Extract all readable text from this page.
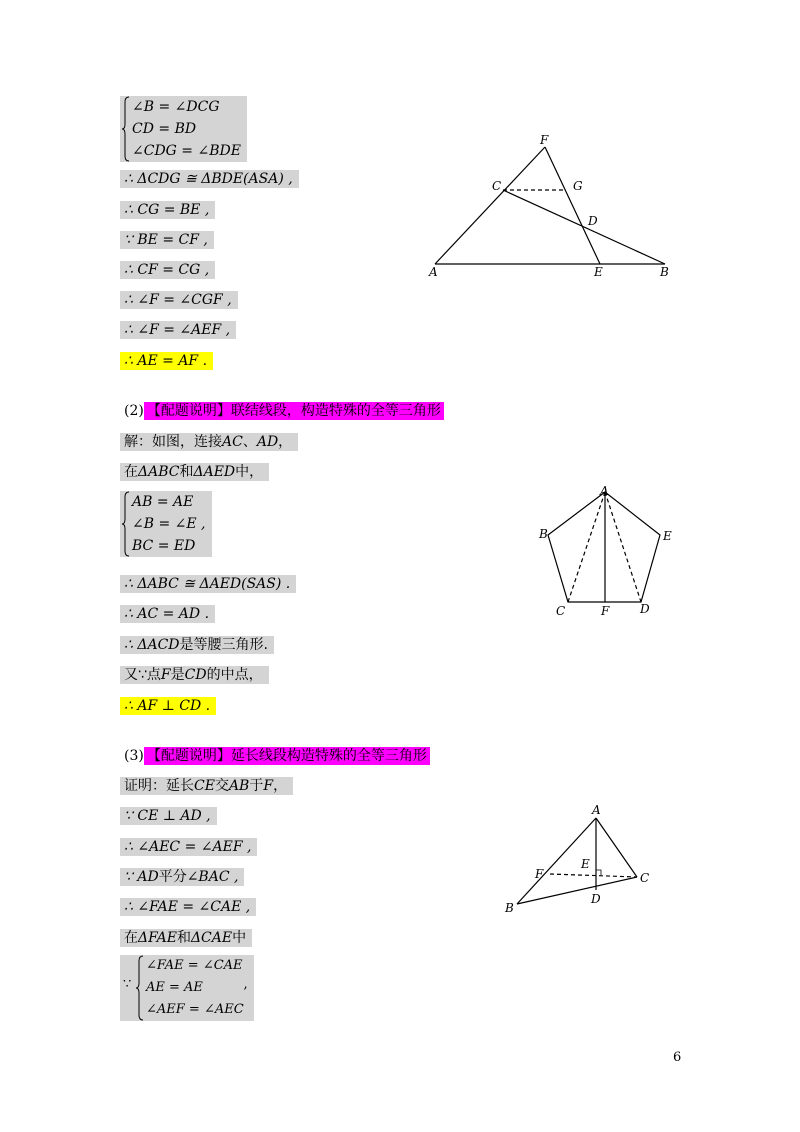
∠B = ∠DCG
CD = BD
∠CDG = ∠BDE
∴ ΔCDG ≅ ΔBDE(ASA) ,
∴ CG = BE ,
∵ BE = CF ,
∴ CF = CG ,
∴ ∠F = ∠CGF ,
∴ ∠F = ∠AEF ,
∴ AE = AF .
F
C	G
D
A	E	B
(2) 【配题说明】联结线段，构造特殊的全等三角形
解：如图，连接AC、AD，
在ΔABC和ΔAED中，
AB = AE
∠B = ∠E ,
BC = ED
∴ ΔABC ≅ ΔAED(SAS) .
∴ AC = AD .
∴ ΔACD是等腰三角形.
又∵点F是CD的中点，
∴ AF ⊥ CD .
A
B	E
C	F	D
(3) 【配题说明】延长线段构造特殊的全等三角形
证明：延长CE交AB于F，
∵ CE ⊥ AD ,
∴ ∠AEC = ∠AEF ,
∵ AD平分∠BAC ,
∴ ∠FAE = ∠CAE ,
在ΔFAE和ΔCAE中
∵
∠FAE = ∠CAE
AE = AE
∠AEF = ∠AEC
,
A
E
F	C
B
D
6
